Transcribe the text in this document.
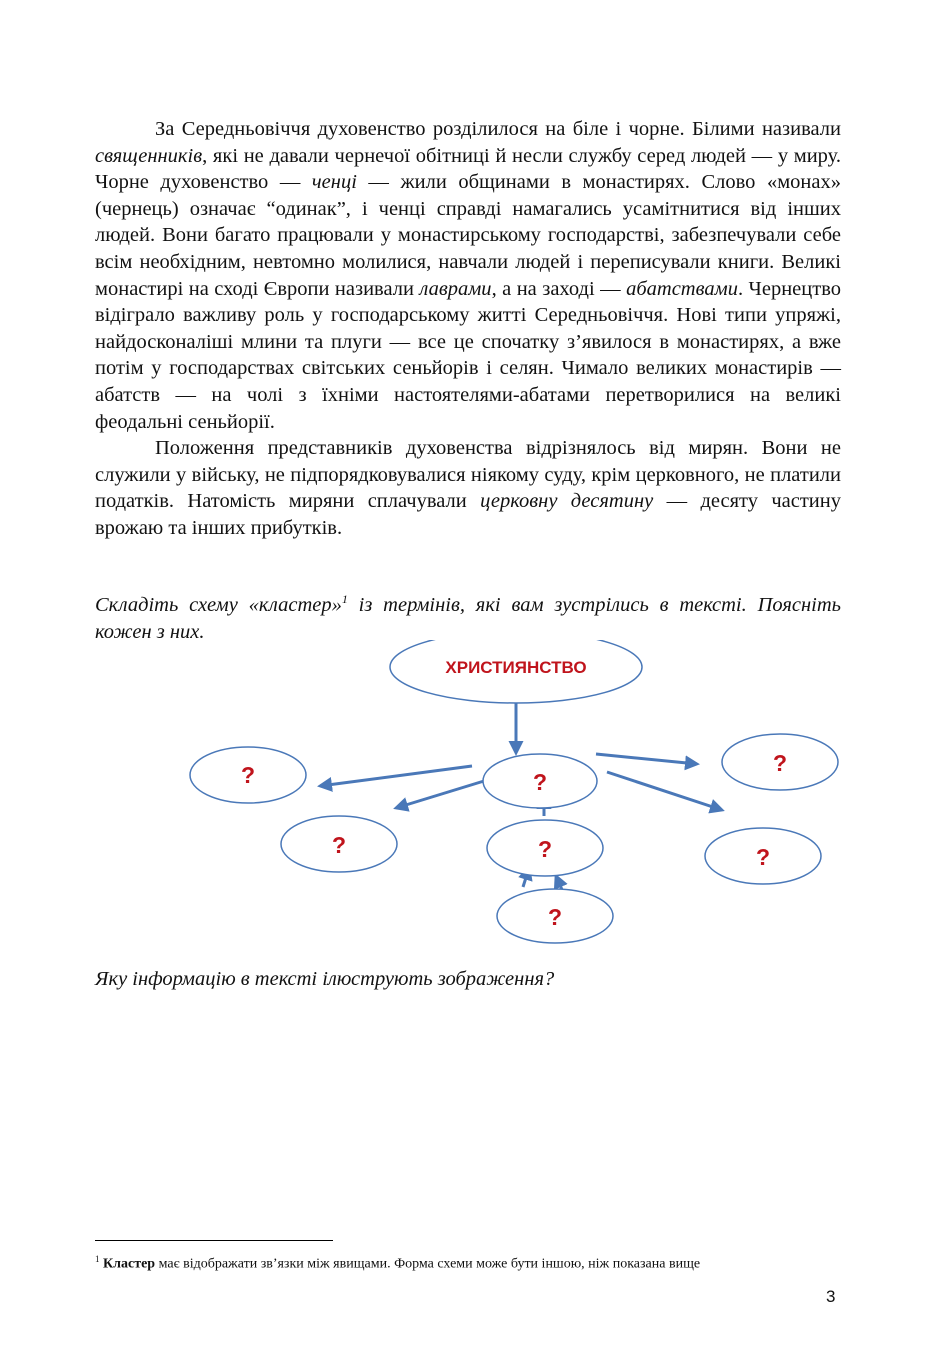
За Середньовіччя духовенство розділилося на біле і чорне. Білими називали священників, які не давали чернечої обітниці й несли службу серед людей — у миру. Чорне духовенство — ченці — жили общинами в монастирях. Слово «монах» (чернець) означає “одинак”, і ченці справді намагались усамітнитися від інших людей. Вони багато працювали у монастирському господарстві, забезпечували себе всім необхідним, невтомно молилися, навчали людей і переписували книги. Великі монастирі на сході Європи називали лаврами, а на заході — абатствами. Чернецтво відіграло важливу роль у господарському житті Середньовіччя. Нові типи упряжі, найдосконаліші млини та плуги — все це спочатку з’явилося в монастирях, а вже потім у господарствах світських сеньйорів і селян. Чимало великих монастирів — абатств — на чолі з їхніми настоятелями-абатами перетворилися на великі феодальні сеньйорії.

Положення представників духовенства відрізнялось від мирян. Вони не служили у війську, не підпорядковувалися ніякому суду, крім церковного, не платили податків. Натомість миряни сплачували церковну десятину — десяту частину врожаю та інших прибутків.

Складіть схему «кластер»$^1$ із термінів, які вам зустрілись в тексті. Поясніть кожен з них.

ХРИСТИЯНСТВО
?
?
?
?
?
?
?

Яку інформацію в тексті ілюструють зображення?

$^1$ Кластер має відображати зв’язки між явищами. Форма схеми може бути іншою, ніж показана вище

3
